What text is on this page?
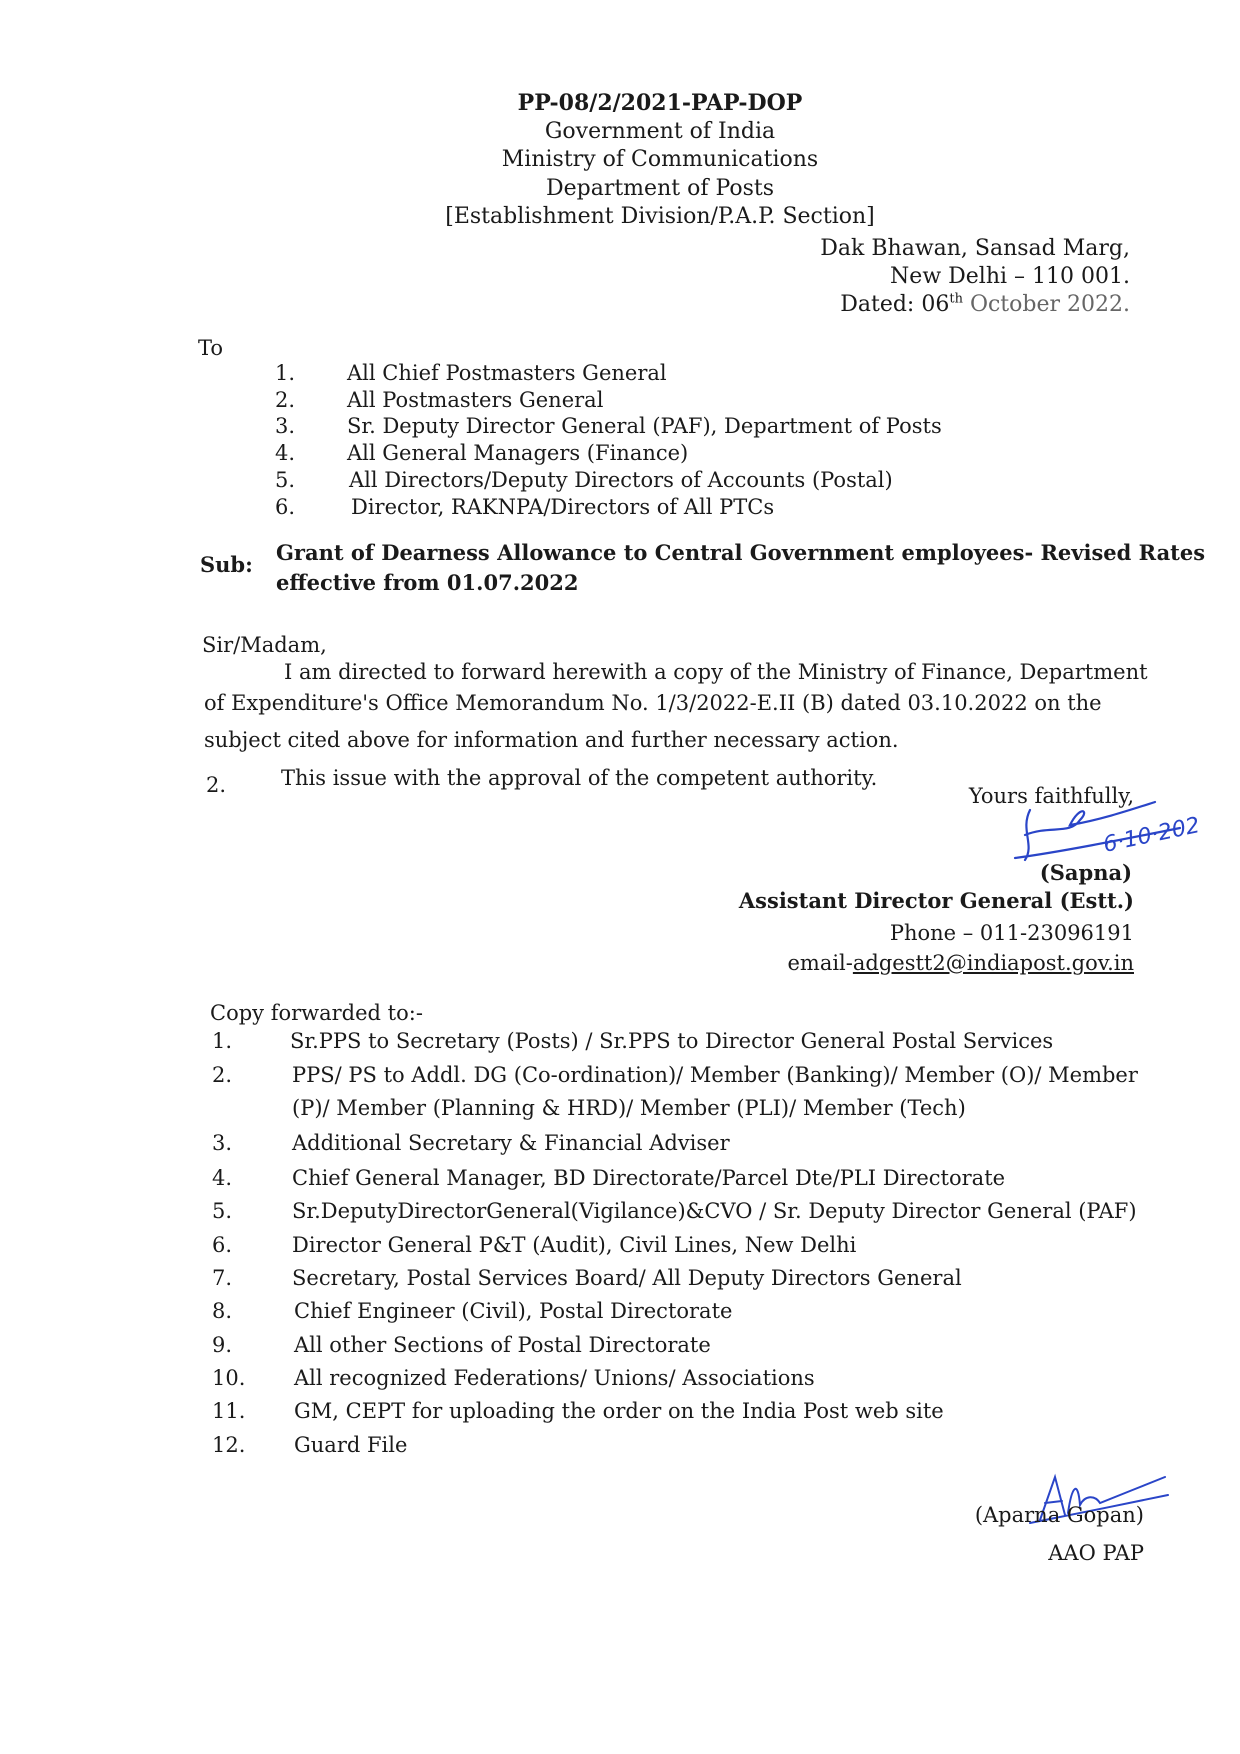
PP-08/2/2021-PAP-DOP
Government of India
Ministry of Communications
Department of Posts
[Establishment Division/P.A.P. Section]
Dak Bhawan, Sansad Marg,
New Delhi – 110 001.
Dated: 06th October 2022.
To
1. All Chief Postmasters General
2. All Postmasters General
3. Sr. Deputy Director General (PAF), Department of Posts
4. All General Managers (Finance)
5.	All Directors/Deputy Directors of Accounts (Postal)
6.	Director, RAKNPA/Directors of All PTCs
Sub: Grant of Dearness Allowance to Central Government employees- Revised Rates
effective from 01.07.2022
Sir/Madam,
I am directed to forward herewith a copy of the Ministry of Finance, Department
of Expenditure's Office Memorandum No. 1/3/2022-E.II (B) dated 03.10.2022 on the
subject cited above for information and further necessary action.
2.	This issue with the approval of the competent authority.
Yours faithfully,
6·10·202
(Sapna)
Assistant Director General (Estt.)
Phone – 011-23096191
email-adgestt2@indiapost.gov.in
Copy forwarded to:-
1.	Sr.PPS to Secretary (Posts) / Sr.PPS to Director General Postal Services
2.	PPS/ PS to Addl. DG (Co-ordination)/ Member (Banking)/ Member (O)/ Member
(P)/ Member (Planning & HRD)/ Member (PLI)/ Member (Tech)
3.	Additional Secretary & Financial Adviser
4.	Chief General Manager, BD Directorate/Parcel Dte/PLI Directorate
5.	Sr.DeputyDirectorGeneral(Vigilance)&CVO / Sr. Deputy Director General (PAF)
6.	Director General P&T (Audit), Civil Lines, New Delhi
7.	Secretary, Postal Services Board/ All Deputy Directors General
8.	Chief Engineer (Civil), Postal Directorate
9.	All other Sections of Postal Directorate
10. All recognized Federations/ Unions/ Associations
11. GM, CEPT for uploading the order on the India Post web site
12. Guard File
(Aparna Gopan)
AAO PAP
